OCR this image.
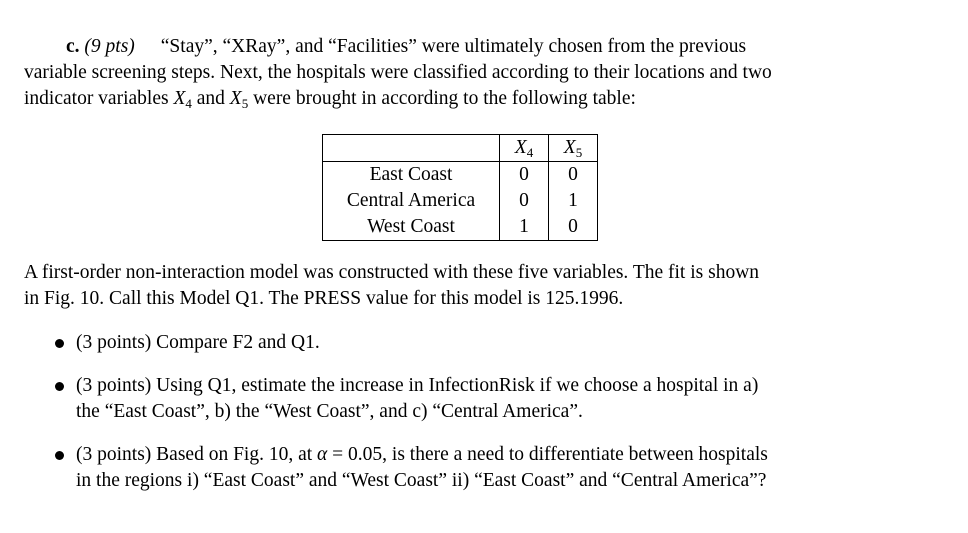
c. (9 pts) “Stay”, “XRay”, and “Facilities” were ultimately chosen from the previous
variable screening steps. Next, the hospitals were classified according to their locations and two
indicator variables $X_4$ and $X_5$ were brought in according to the following table:
	$X_4$	$X_5$
East Coast	0	0
Central America	0	1
West Coast	1	0
A first-order non-interaction model was constructed with these five variables. The fit is shown
in Fig. 10. Call this Model Q1. The PRESS value for this model is 125.1996.
(3 points) Compare F2 and Q1.
(3 points) Using Q1, estimate the increase in InfectionRisk if we choose a hospital in a)
the “East Coast”, b) the “West Coast”, and c) “Central America”.
(3 points) Based on Fig. 10, at α = 0.05, is there a need to differentiate between hospitals
in the regions i) “East Coast” and “West Coast” ii) “East Coast” and “Central America”?
